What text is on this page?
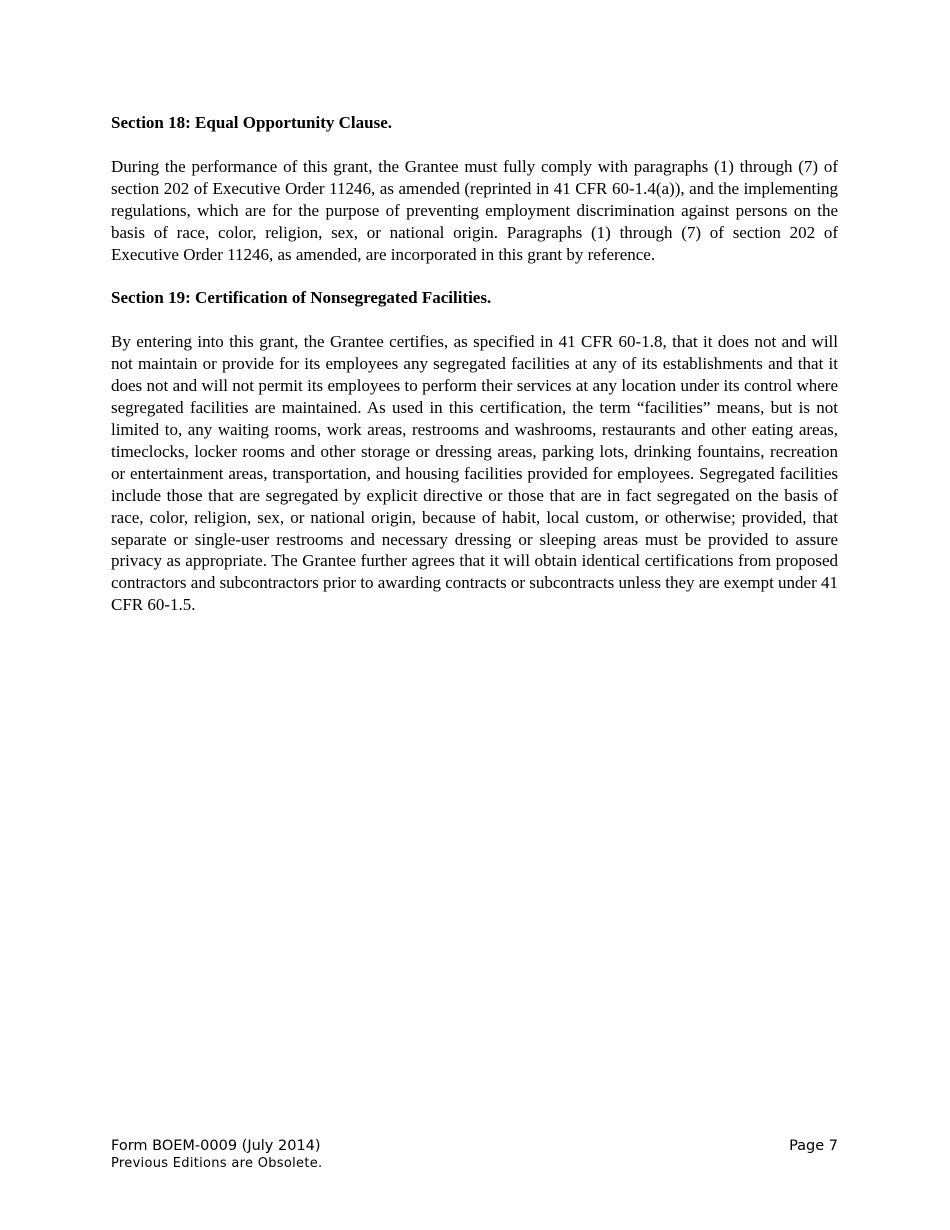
Section 18: Equal Opportunity Clause.

During the performance of this grant, the Grantee must fully comply with paragraphs (1) through (7) of section 202 of Executive Order 11246, as amended (reprinted in 41 CFR 60-1.4(a)), and the implementing regulations, which are for the purpose of preventing employment discrimination against persons on the basis of race, color, religion, sex, or national origin. Paragraphs (1) through (7) of section 202 of Executive Order 11246, as amended, are incorporated in this grant by reference.

Section 19: Certification of Nonsegregated Facilities.

By entering into this grant, the Grantee certifies, as specified in 41 CFR 60-1.8, that it does not and will not maintain or provide for its employees any segregated facilities at any of its establishments and that it does not and will not permit its employees to perform their services at any location under its control where segregated facilities are maintained. As used in this certification, the term “facilities” means, but is not limited to, any waiting rooms, work areas, restrooms and washrooms, restaurants and other eating areas, timeclocks, locker rooms and other storage or dressing areas, parking lots, drinking fountains, recreation or entertainment areas, transportation, and housing facilities provided for employees. Segregated facilities include those that are segregated by explicit directive or those that are in fact segregated on the basis of race, color, religion, sex, or national origin, because of habit, local custom, or otherwise; provided, that separate or single-user restrooms and necessary dressing or sleeping areas must be provided to assure privacy as appropriate. The Grantee further agrees that it will obtain identical certifications from proposed contractors and subcontractors prior to awarding contracts or subcontracts unless they are exempt under 41 CFR 60-1.5.

Form BOEM-0009 (July 2014)	Page 7
Previous Editions are Obsolete.
